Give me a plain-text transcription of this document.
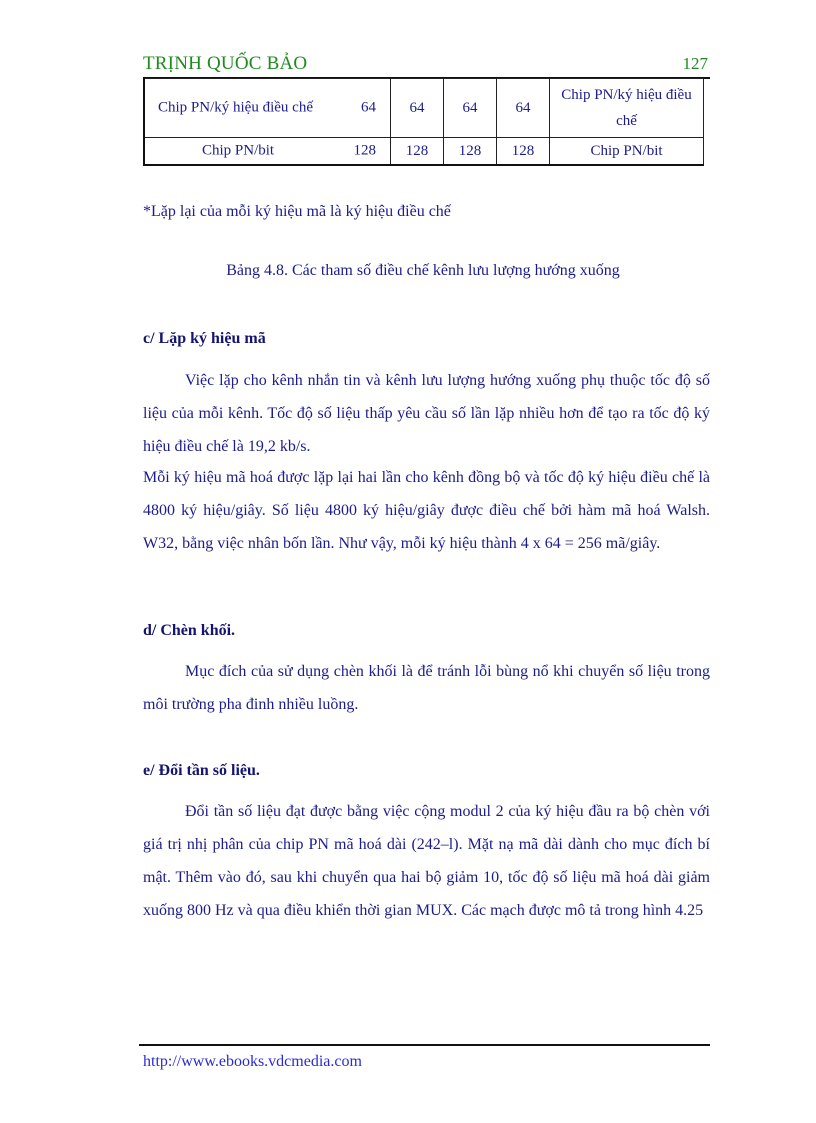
TRỊNH QUỐC BẢO	127
Chip PN/ký hiệu điều chế 64	64	64	64	Chip PN/ký hiệu điều chế

Chip PN/bit 128	128	128	128	Chip PN/bit
*Lặp lại của mỗi ký hiệu mã là ký hiệu điều chế
Bảng 4.8. Các tham số điều chế kênh lưu lượng hướng xuống
c/ Lặp ký hiệu mã

Việc lặp cho kênh nhắn tin và kênh lưu lượng hướng xuống phụ thuộc tốc độ số liệu của mỗi kênh. Tốc độ số liệu thấp yêu cầu số lần lặp nhiều hơn để tạo ra tốc độ ký hiệu điều chế là 19,2 kb/s.

Mỗi ký hiệu mã hoá được lặp lại hai lần cho kênh đồng bộ và tốc độ ký hiệu điều chế là 4800 ký hiệu/giây. Số liệu 4800 ký hiệu/giây được điều chế bởi hàm mã hoá Walsh. W32, bằng việc nhân bốn lần. Như vậy, mỗi ký hiệu thành 4 x 64 = 256 mã/giây.

d/ Chèn khối.

Mục đích của sử dụng chèn khối là để tránh lỗi bùng nổ khi chuyển số liệu trong môi trường pha đinh nhiều luồng.

e/ Đổi tần số liệu.

Đổi tần số liệu đạt được bằng việc cộng modul 2 của ký hiệu đầu ra bộ chèn với giá trị nhị phân của chip PN mã hoá dài (242–l). Mặt nạ mã dài dành cho mục đích bí mật. Thêm vào đó, sau khi chuyển qua hai bộ giảm 10, tốc độ số liệu mã hoá dài giảm xuống 800 Hz và qua điều khiển thời gian MUX. Các mạch được mô tả trong hình 4.25

http://www.ebooks.vdcmedia.com
